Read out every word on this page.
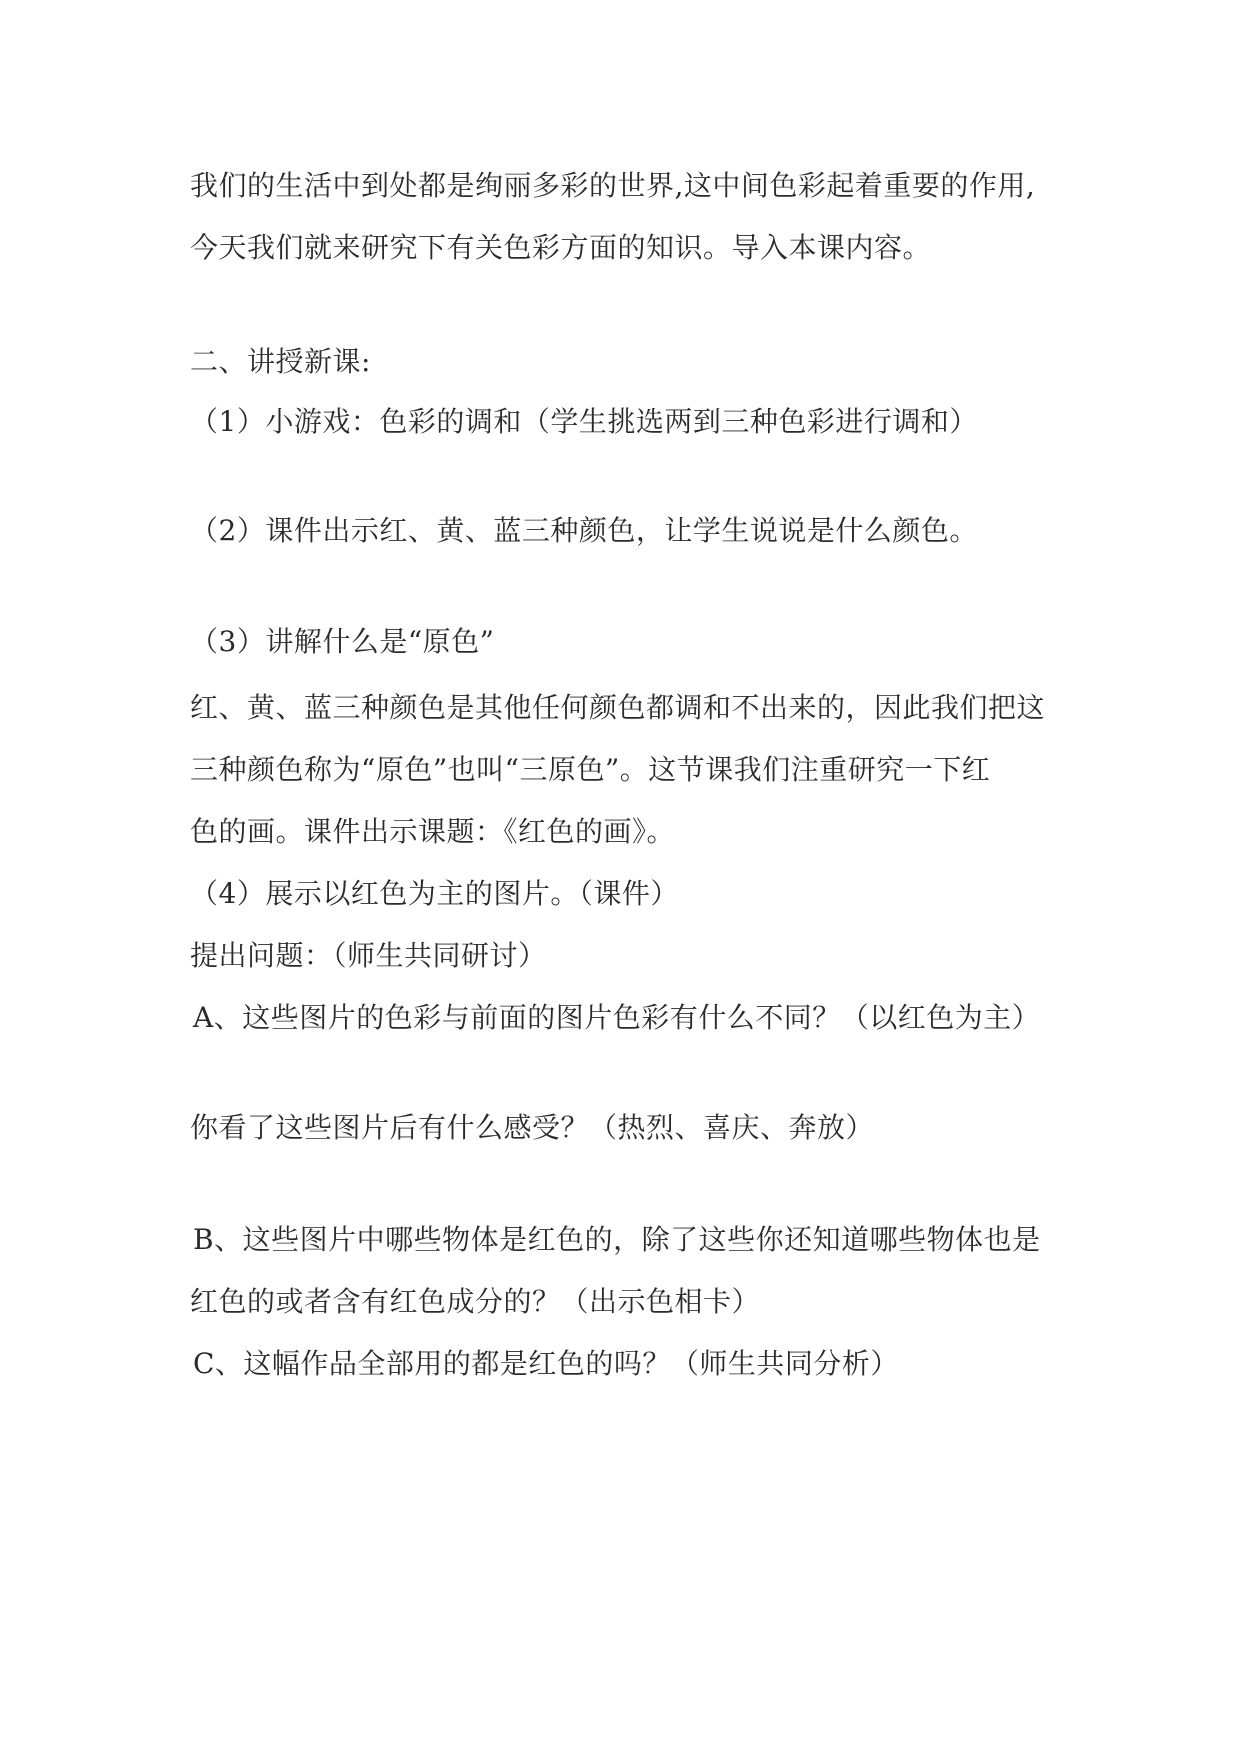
我们的生活中到处都是绚丽多彩的世界,这中间色彩起着重要的作用,
今天我们就来研究下有关色彩方面的知识。导入本课内容。
二、讲授新课:
（1）小游戏：色彩的调和（学生挑选两到三种色彩进行调和）
（2）课件出示红、黄、蓝三种颜色，让学生说说是什么颜色。
（3）讲解什么是“原色”
红、黄、蓝三种颜色是其他任何颜色都调和不出来的，因此我们把这
三种颜色称为“原色”也叫“三原色”。这节课我们注重研究一下红
色的画。课件出示课题：《红色的画》。
（4）展示以红色为主的图片。（课件）
提出问题：（师生共同研讨）
A、这些图片的色彩与前面的图片色彩有什么不同？（以红色为主）
你看了这些图片后有什么感受？（热烈、喜庆、奔放）
B、这些图片中哪些物体是红色的，除了这些你还知道哪些物体也是
红色的或者含有红色成分的？（出示色相卡）
C、这幅作品全部用的都是红色的吗？（师生共同分析）
